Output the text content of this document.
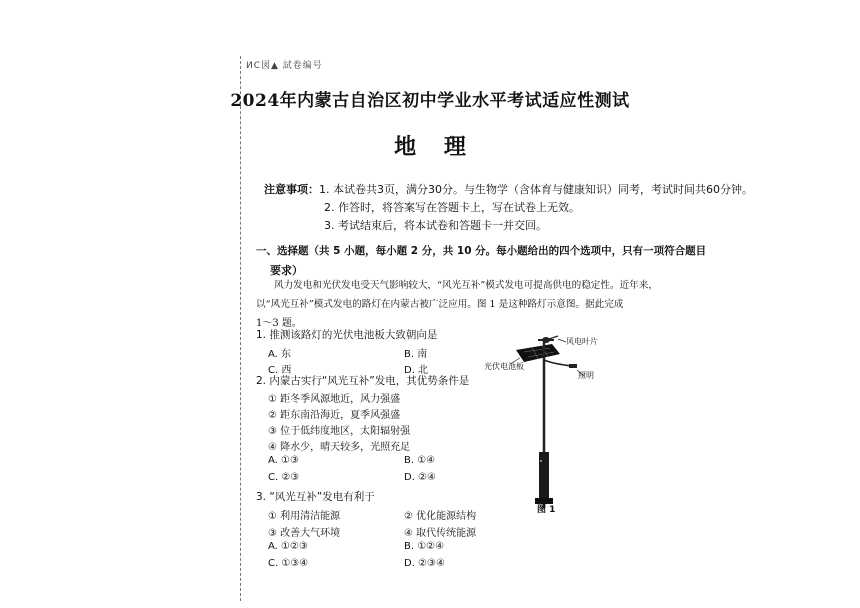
ИС図▲ 試卷编号
2024年内蒙古自治区初中学业水平考试适应性测试
地 理
注意事项：1. 本试卷共3页，满分30分。与生物学（含体育与健康知识）同考，考试时间共60分钟。
2. 作答时，将答案写在答题卡上，写在试卷上无效。
3. 考试结束后，将本试卷和答题卡一并交回。
一、选择题（共 5 小题，每小题 2 分，共 10 分。每小题给出的四个选项中，只有一项符合题目
要求）
风力发电和光伏发电受天气影响较大，“风光互补”模式发电可提高供电的稳定性。近年来，
以“风光互补”模式发电的路灯在内蒙古被广泛应用。图 1 是这种路灯示意图。据此完成
1～3 题。
1. 推测该路灯的光伏电池板大致朝向是
A. 东	B. 南
C. 西	D. 北
2. 内蒙古实行“风光互补”发电，其优势条件是
① 距冬季风源地近，风力强盛
② 距东南沿海近，夏季风强盛
③ 位于低纬度地区，太阳辐射强
④ 降水少，晴天较多，光照充足
A. ①③	B. ①④
C. ②③	D. ②④
3. “风光互补”发电有利于
① 利用清洁能源	② 优化能源结构
③ 改善大气环境	④ 取代传统能源
A. ①②③	B. ①②④
C. ①③④	D. ②③④
风电叶片
光伏电池板
照明
图 1
